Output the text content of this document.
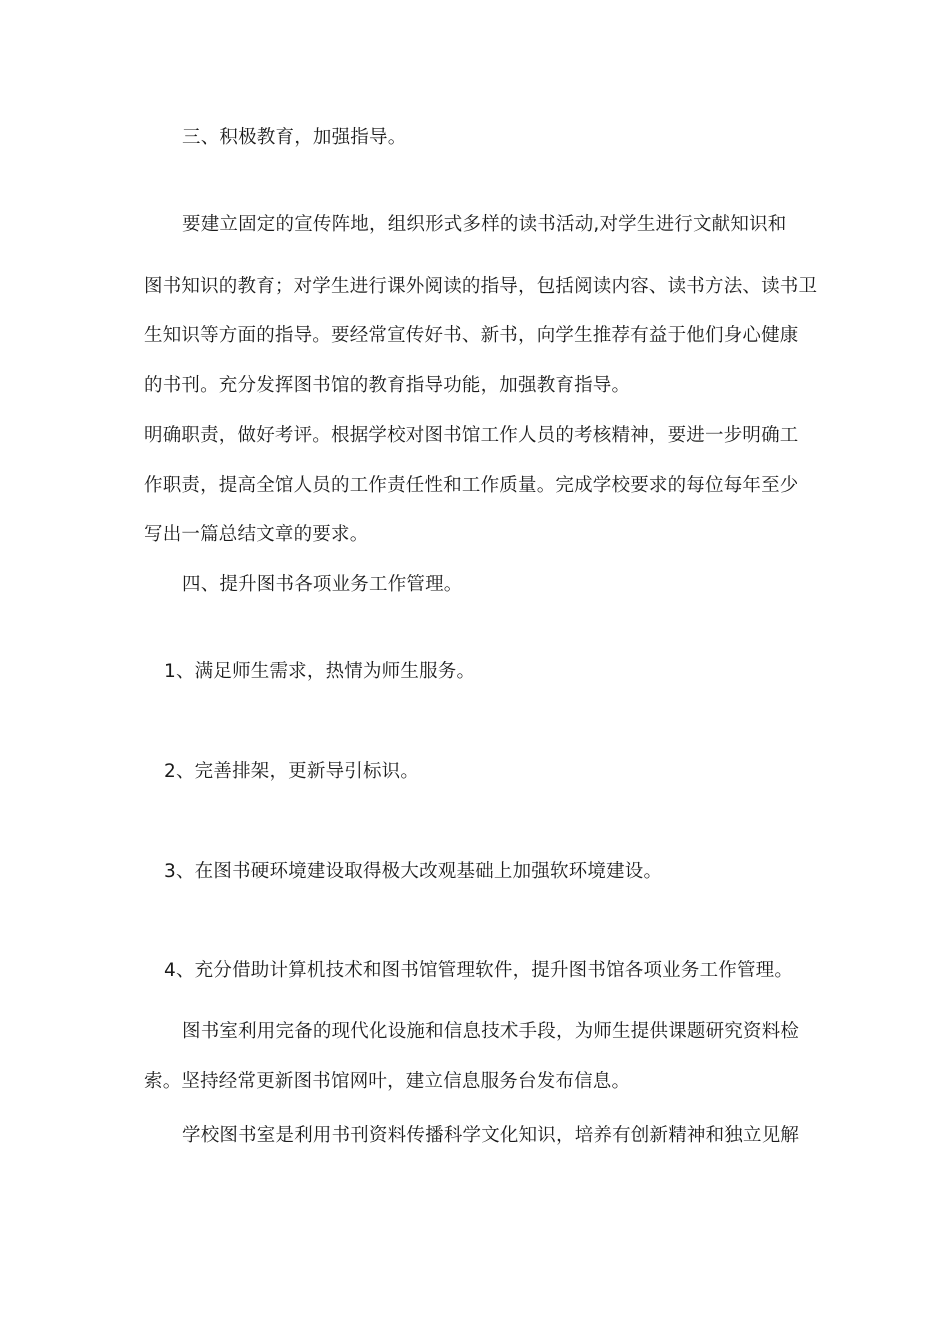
三、积极教育，加强指导。
要建立固定的宣传阵地，组织形式多样的读书活动,对学生进行文献知识和
图书知识的教育；对学生进行课外阅读的指导，包括阅读内容、读书方法、读书卫
生知识等方面的指导。要经常宣传好书、新书，向学生推荐有益于他们身心健康
的书刊。充分发挥图书馆的教育指导功能，加强教育指导。
明确职责，做好考评。根据学校对图书馆工作人员的考核精神，要进一步明确工
作职责，提高全馆人员的工作责任性和工作质量。完成学校要求的每位每年至少
写出一篇总结文章的要求。
四、提升图书各项业务工作管理。
1、满足师生需求，热情为师生服务。
2、完善排架，更新导引标识。
3、在图书硬环境建设取得极大改观基础上加强软环境建设。
4、充分借助计算机技术和图书馆管理软件，提升图书馆各项业务工作管理。
图书室利用完备的现代化设施和信息技术手段，为师生提供课题研究资料检
索。坚持经常更新图书馆网叶，建立信息服务台发布信息。
学校图书室是利用书刊资料传播科学文化知识，培养有创新精神和独立见解
